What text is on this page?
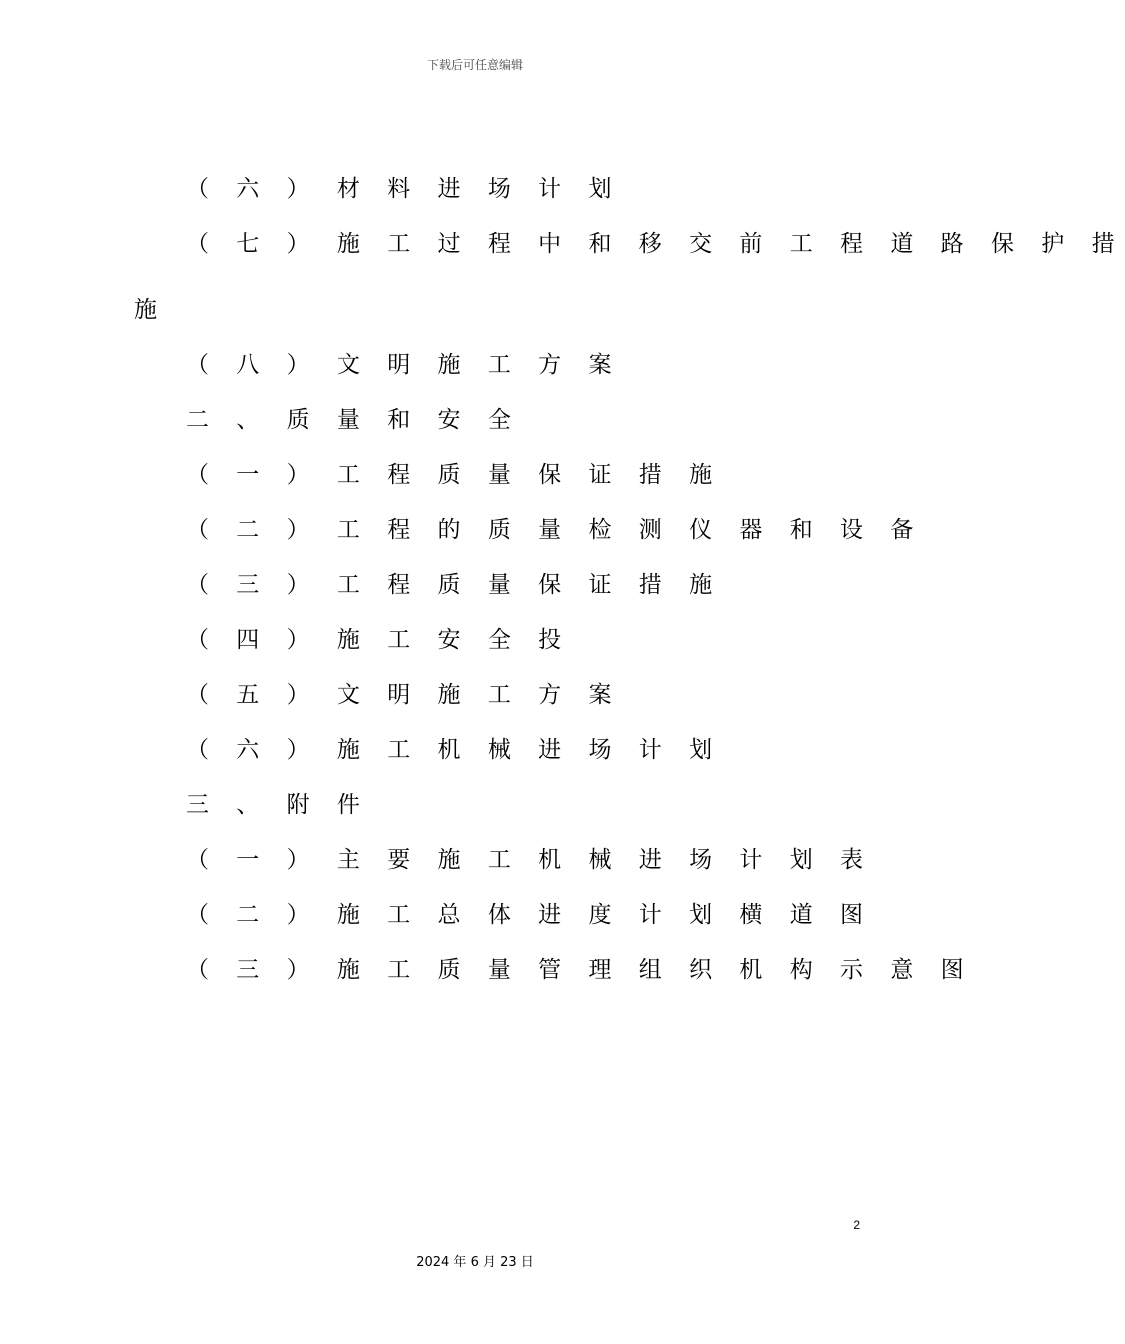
下载后可任意编辑
（ 六 ） 材 料 进 场 计 划
（ 七 ） 施 工 过 程 中 和 移 交 前 工 程 道 路 保 护 措
施
（ 八 ） 文 明 施 工 方 案
二 、 质 量 和 安 全
（ 一 ） 工 程 质 量 保 证 措 施
（ 二 ） 工 程 的 质 量 检 测 仪 器 和 设 备
（ 三 ） 工 程 质 量 保 证 措 施
（ 四 ） 施 工 安 全 投
（ 五 ） 文 明 施 工 方 案
（ 六 ） 施 工 机 械 进 场 计 划
三 、 附 件
（ 一 ） 主 要 施 工 机 械 进 场 计 划 表
（ 二 ） 施 工 总 体 进 度 计 划 横 道 图
（ 三 ） 施 工 质 量 管 理 组 织 机 构 示 意 图
2
2024 年 6 月 23 日
